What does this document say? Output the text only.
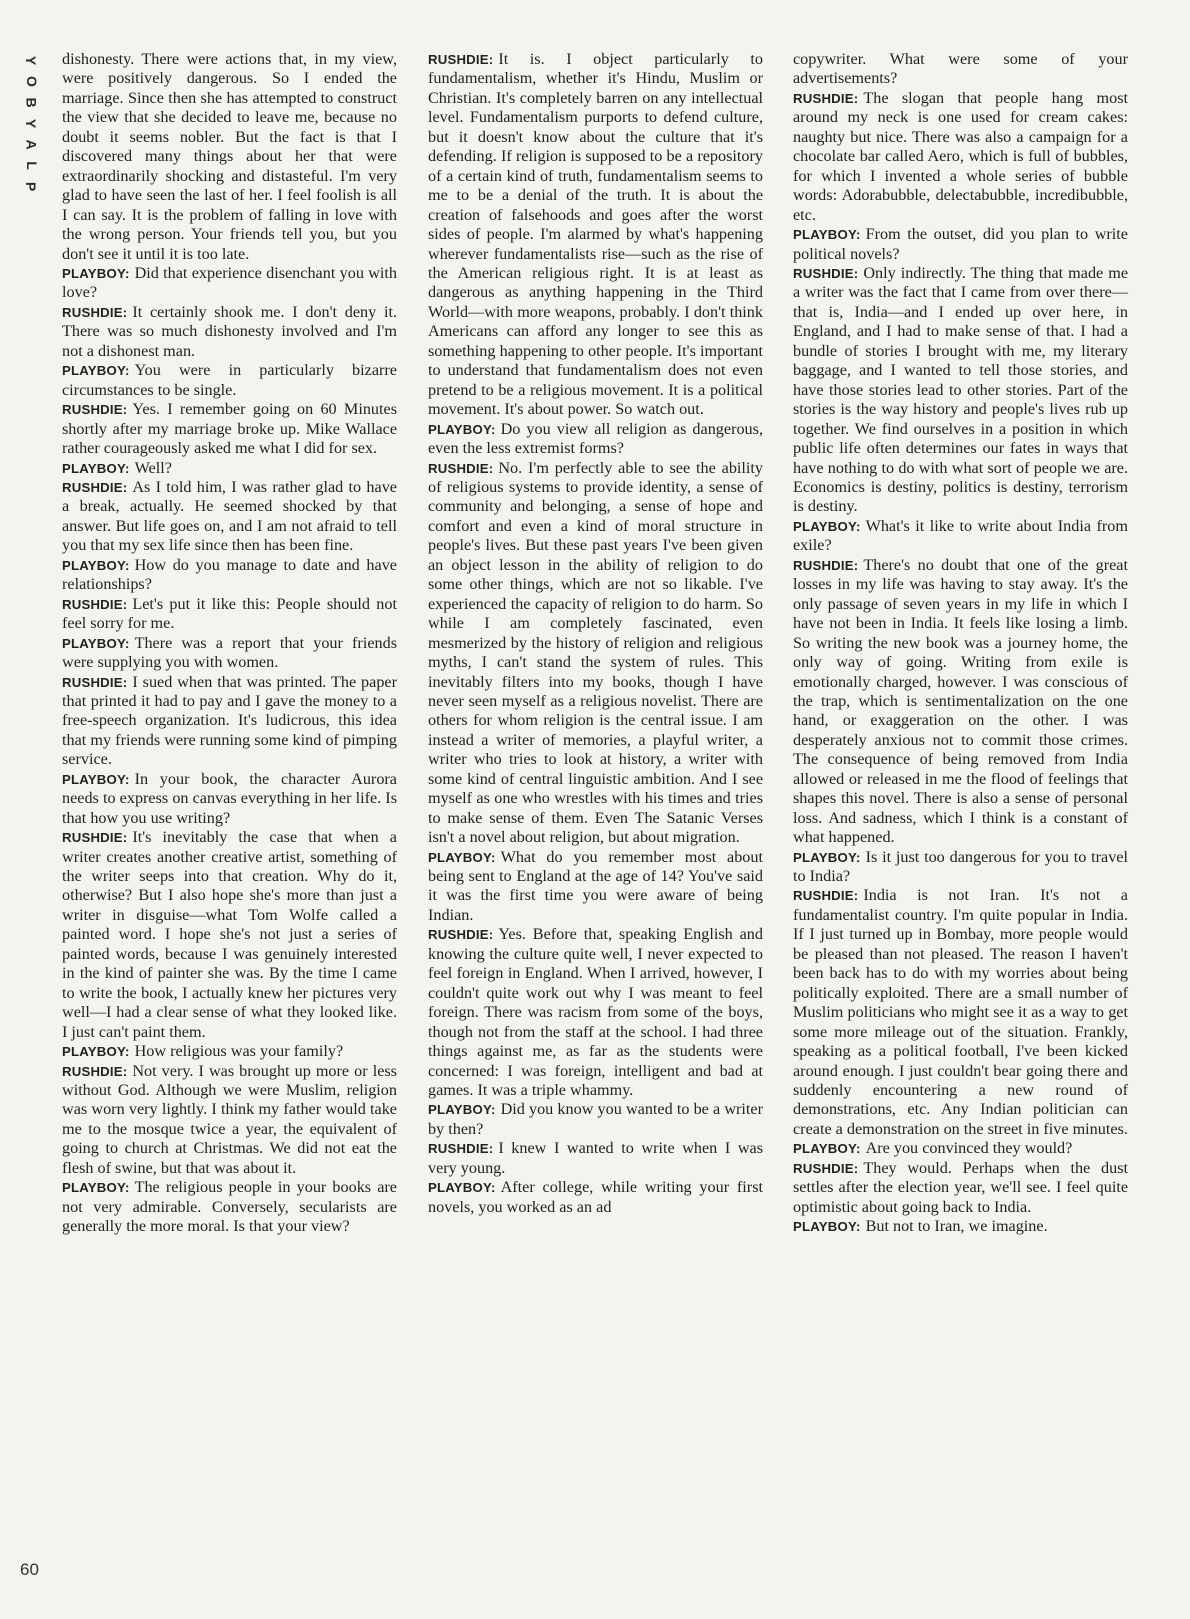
Y
O
B
Y
A
L
P

dishonesty. There were actions that, in my view, were positively dangerous. So I ended the marriage. Since then she has attempted to construct the view that she decided to leave me, because no doubt it seems nobler. But the fact is that I discovered many things about her that were extraordinarily shocking and distasteful. I'm very glad to have seen the last of her. I feel foolish is all I can say. It is the problem of falling in love with the wrong person. Your friends tell you, but you don't see it until it is too late.

PLAYBOY: Did that experience disenchant you with love?

RUSHDIE: It certainly shook me. I don't deny it. There was so much dishonesty involved and I'm not a dishonest man.

PLAYBOY: You were in particularly bizarre circumstances to be single.

RUSHDIE: Yes. I remember going on 60 Minutes shortly after my marriage broke up. Mike Wallace rather courageously asked me what I did for sex.

PLAYBOY: Well?

RUSHDIE: As I told him, I was rather glad to have a break, actually. He seemed shocked by that answer. But life goes on, and I am not afraid to tell you that my sex life since then has been fine.

PLAYBOY: How do you manage to date and have relationships?

RUSHDIE: Let's put it like this: People should not feel sorry for me.

PLAYBOY: There was a report that your friends were supplying you with women.

RUSHDIE: I sued when that was printed. The paper that printed it had to pay and I gave the money to a free-speech organization. It's ludicrous, this idea that my friends were running some kind of pimping service.

PLAYBOY: In your book, the character Aurora needs to express on canvas everything in her life. Is that how you use writing?

RUSHDIE: It's inevitably the case that when a writer creates another creative artist, something of the writer seeps into that creation. Why do it, otherwise? But I also hope she's more than just a writer in disguise—what Tom Wolfe called a painted word. I hope she's not just a series of painted words, because I was genuinely interested in the kind of painter she was. By the time I came to write the book, I actually knew her pictures very well—I had a clear sense of what they looked like. I just can't paint them.

PLAYBOY: How religious was your family?

RUSHDIE: Not very. I was brought up more or less without God. Although we were Muslim, religion was worn very lightly. I think my father would take me to the mosque twice a year, the equivalent of going to church at Christmas. We did not eat the flesh of swine, but that was about it.

PLAYBOY: The religious people in your books are not very admirable. Conversely, secularists are generally the more moral. Is that your view?

RUSHDIE: It is. I object particularly to fundamentalism, whether it's Hindu, Muslim or Christian. It's completely barren on any intellectual level. Fundamentalism purports to defend culture, but it doesn't know about the culture that it's defending. If religion is supposed to be a repository of a certain kind of truth, fundamentalism seems to me to be a denial of the truth. It is about the creation of falsehoods and goes after the worst sides of people. I'm alarmed by what's happening wherever fundamentalists rise—such as the rise of the American religious right. It is at least as dangerous as anything happening in the Third World—with more weapons, probably. I don't think Americans can afford any longer to see this as something happening to other people. It's important to understand that fundamentalism does not even pretend to be a religious movement. It is a political movement. It's about power. So watch out.

PLAYBOY: Do you view all religion as dangerous, even the less extremist forms?

RUSHDIE: No. I'm perfectly able to see the ability of religious systems to provide identity, a sense of community and belonging, a sense of hope and comfort and even a kind of moral structure in people's lives. But these past years I've been given an object lesson in the ability of religion to do some other things, which are not so likable. I've experienced the capacity of religion to do harm. So while I am completely fascinated, even mesmerized by the history of religion and religious myths, I can't stand the system of rules. This inevitably filters into my books, though I have never seen myself as a religious novelist. There are others for whom religion is the central issue. I am instead a writer of memories, a playful writer, a writer who tries to look at history, a writer with some kind of central linguistic ambition. And I see myself as one who wrestles with his times and tries to make sense of them. Even The Satanic Verses isn't a novel about religion, but about migration.

PLAYBOY: What do you remember most about being sent to England at the age of 14? You've said it was the first time you were aware of being Indian.

RUSHDIE: Yes. Before that, speaking English and knowing the culture quite well, I never expected to feel foreign in England. When I arrived, however, I couldn't quite work out why I was meant to feel foreign. There was racism from some of the boys, though not from the staff at the school. I had three things against me, as far as the students were concerned: I was foreign, intelligent and bad at games. It was a triple whammy.

PLAYBOY: Did you know you wanted to be a writer by then?

RUSHDIE: I knew I wanted to write when I was very young.

PLAYBOY: After college, while writing your first novels, you worked as an ad

copywriter. What were some of your advertisements?

RUSHDIE: The slogan that people hang most around my neck is one used for cream cakes: naughty but nice. There was also a campaign for a chocolate bar called Aero, which is full of bubbles, for which I invented a whole series of bubble words: Adorabubble, delectabubble, incredibubble, etc.

PLAYBOY: From the outset, did you plan to write political novels?

RUSHDIE: Only indirectly. The thing that made me a writer was the fact that I came from over there—that is, India—and I ended up over here, in England, and I had to make sense of that. I had a bundle of stories I brought with me, my literary baggage, and I wanted to tell those stories, and have those stories lead to other stories. Part of the stories is the way history and people's lives rub up together. We find ourselves in a position in which public life often determines our fates in ways that have nothing to do with what sort of people we are. Economics is destiny, politics is destiny, terrorism is destiny.

PLAYBOY: What's it like to write about India from exile?

RUSHDIE: There's no doubt that one of the great losses in my life was having to stay away. It's the only passage of seven years in my life in which I have not been in India. It feels like losing a limb. So writing the new book was a journey home, the only way of going. Writing from exile is emotionally charged, however. I was conscious of the trap, which is sentimentalization on the one hand, or exaggeration on the other. I was desperately anxious not to commit those crimes. The consequence of being removed from India allowed or released in me the flood of feelings that shapes this novel. There is also a sense of personal loss. And sadness, which I think is a constant of what happened.

PLAYBOY: Is it just too dangerous for you to travel to India?

RUSHDIE: India is not Iran. It's not a fundamentalist country. I'm quite popular in India. If I just turned up in Bombay, more people would be pleased than not pleased. The reason I haven't been back has to do with my worries about being politically exploited. There are a small number of Muslim politicians who might see it as a way to get some more mileage out of the situation. Frankly, speaking as a political football, I've been kicked around enough. I just couldn't bear going there and suddenly encountering a new round of demonstrations, etc. Any Indian politician can create a demonstration on the street in five minutes.

PLAYBOY: Are you convinced they would?

RUSHDIE: They would. Perhaps when the dust settles after the election year, we'll see. I feel quite optimistic about going back to India.

PLAYBOY: But not to Iran, we imagine.

60
